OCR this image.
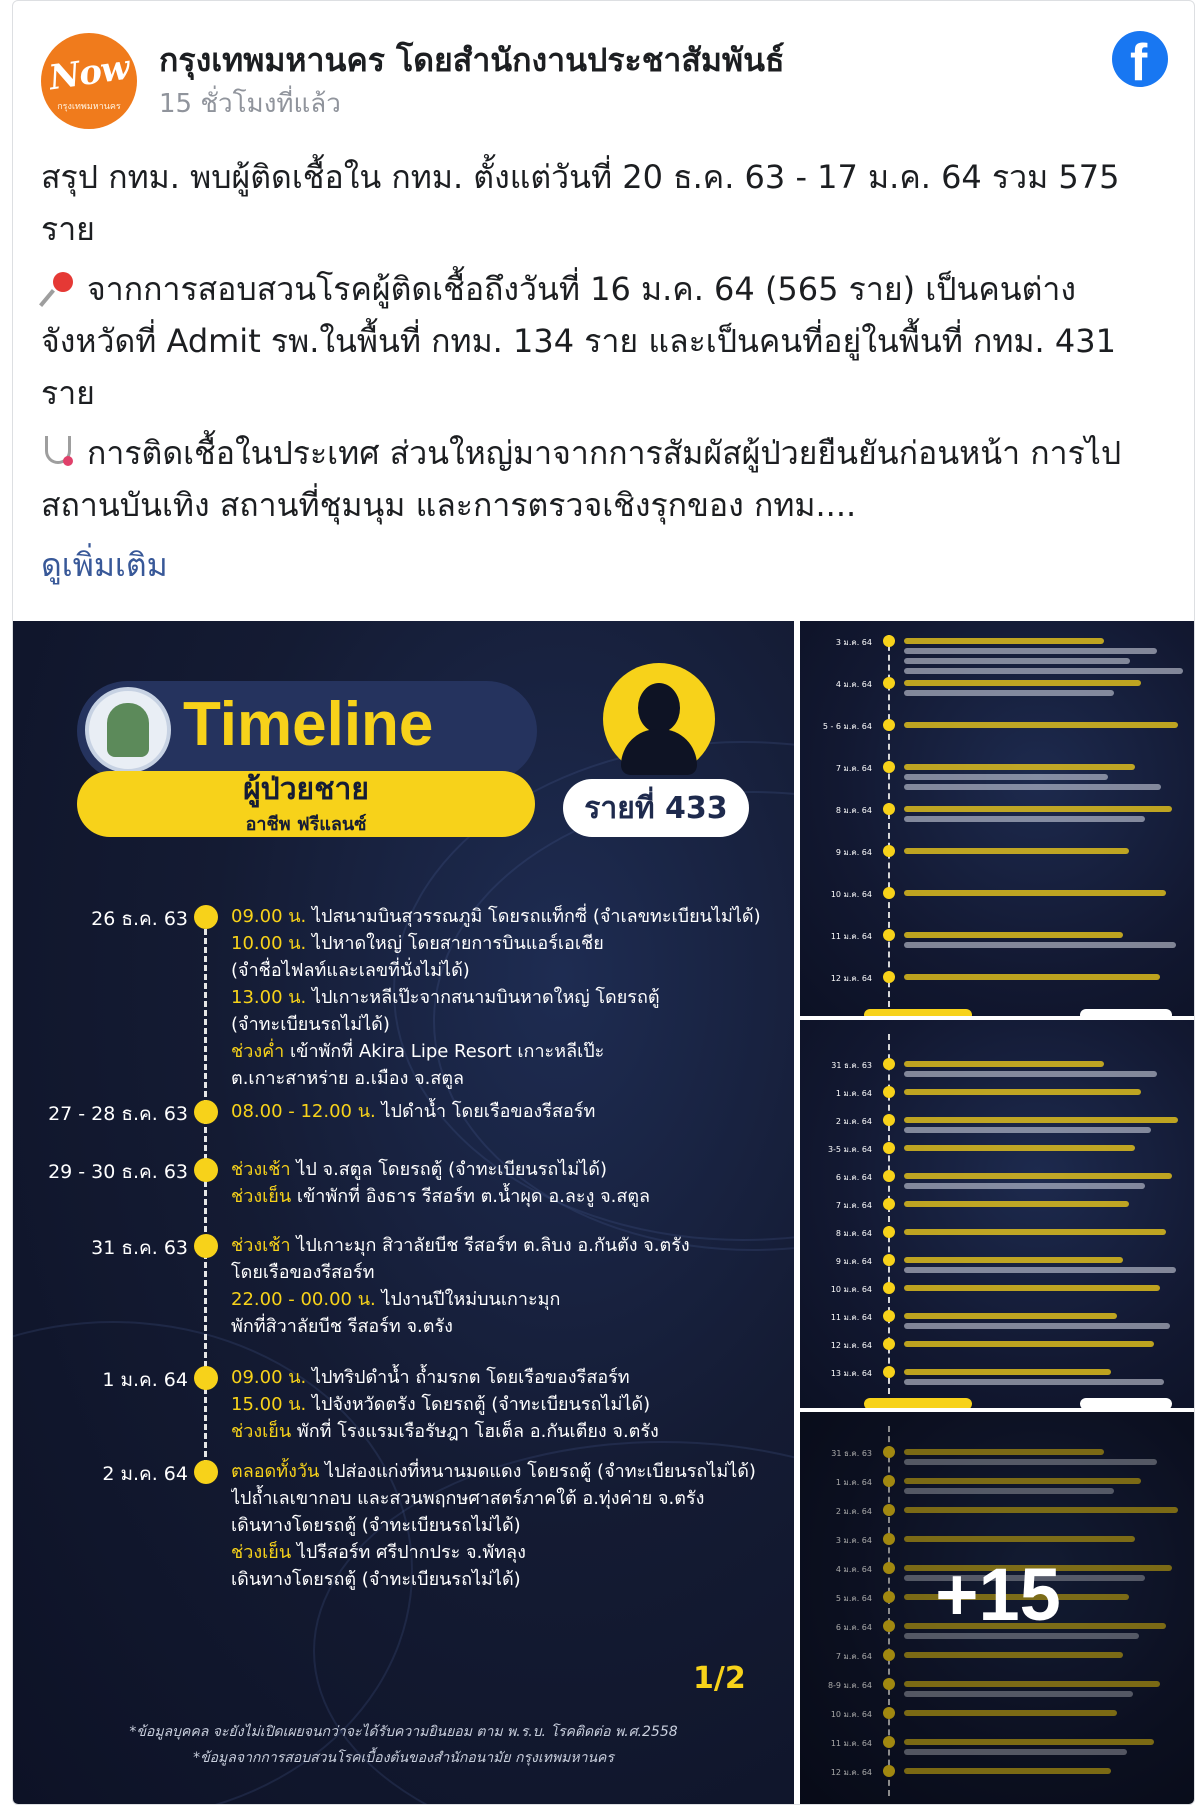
Now
กรุงเทพมหานคร
กรุงเทพมหานคร โดยสำนักงานประชาสัมพันธ์
15 ชั่วโมงที่แล้ว
f
สรุป กทม. พบผู้ติดเชื้อใน กทม. ตั้งแต่วันที่ 20 ธ.ค. 63 - 17 ม.ค. 64 รวม 575 ราย
จากการสอบสวนโรคผู้ติดเชื้อถึงวันที่ 16 ม.ค. 64 (565 ราย) เป็นคนต่างจังหวัดที่ Admit รพ.ในพื้นที่ กทม. 134 ราย และเป็นคนที่อยู่ในพื้นที่ กทม. 431 ราย
การติดเชื้อในประเทศ ส่วนใหญ่มาจากการสัมผัสผู้ป่วยยืนยันก่อนหน้า การไปสถานบันเทิง สถานที่ชุมนุม และการตรวจเชิงรุกของ กทม....
ดูเพิ่มเติม
Timeline
ผู้ป่วยชาย
อาชีพ ฟรีแลนซ์	รายที่ 433
26 ธ.ค. 63 09.00 น. ไปสนามบินสุวรรณภูมิ โดยรถแท็กซี่ (จำเลขทะเบียนไม่ได้)
10.00 น. ไปหาดใหญ่ โดยสายการบินแอร์เอเชีย
(จำชื่อไฟลท์และเลขที่นั่งไม่ได้)
13.00 น. ไปเกาะหลีเป๊ะจากสนามบินหาดใหญ่ โดยรถตู้
(จำทะเบียนรถไม่ได้)
ช่วงค่ำ เข้าพักที่ Akira Lipe Resort เกาะหลีเป๊ะ
ต.เกาะสาหร่าย อ.เมือง จ.สตูล
27 - 28 ธ.ค. 63 08.00 - 12.00 น. ไปดำน้ำ โดยเรือของรีสอร์ท
29 - 30 ธ.ค. 63 ช่วงเช้า ไป จ.สตูล โดยรถตู้ (จำทะเบียนรถไม่ได้)
ช่วงเย็น เข้าพักที่ อิงธาร รีสอร์ท ต.น้ำผุด อ.ละงู จ.สตูล
31 ธ.ค. 63 ช่วงเช้า ไปเกาะมุก สิวาลัยบีช รีสอร์ท ต.ลิบง อ.กันตัง จ.ตรัง
โดยเรือของรีสอร์ท
22.00 - 00.00 น. ไปงานปีใหม่บนเกาะมุก
พักที่สิวาลัยบีช รีสอร์ท จ.ตรัง
1 ม.ค. 64 09.00 น. ไปทริปดำน้ำ ถ้ำมรกต โดยเรือของรีสอร์ท
15.00 น. ไปจังหวัดตรัง โดยรถตู้ (จำทะเบียนรถไม่ได้)
ช่วงเย็น พักที่ โรงแรมเรือรัษฎา โฮเต็ล อ.กันเตียง จ.ตรัง
2 ม.ค. 64 ตลอดทั้งวัน ไปส่องแก่งที่หนานมดแดง โดยรถตู้ (จำทะเบียนรถไม่ได้)
ไปถ้ำเลเขากอบ และสวนพฤกษศาสตร์ภาคใต้ อ.ทุ่งค่าย จ.ตรัง
เดินทางโดยรถตู้ (จำทะเบียนรถไม่ได้)
ช่วงเย็น ไปรีสอร์ท ศรีปากประ จ.พัทลุง
เดินทางโดยรถตู้ (จำทะเบียนรถไม่ได้)
1/2
*ข้อมูลบุคคล จะยังไม่เปิดเผยจนกว่าจะได้รับความยินยอม ตาม พ.ร.บ. โรคติดต่อ พ.ศ.2558
*ข้อมูลจากการสอบสวนโรคเบื้องต้นของสำนักอนามัย กรุงเทพมหานคร
3 ม.ค. 64
4 ม.ค. 64
5 - 6 ม.ค. 64
7 ม.ค. 64
8 ม.ค. 64
9 ม.ค. 64
10 ม.ค. 64
11 ม.ค. 64
12 ม.ค. 64
31 ธ.ค. 63
1 ม.ค. 64
2 ม.ค. 64
3-5 ม.ค. 64
6 ม.ค. 64
7 ม.ค. 64
8 ม.ค. 64
9 ม.ค. 64
10 ม.ค. 64
11 ม.ค. 64
12 ม.ค. 64
13 ม.ค. 64
31 ธ.ค. 63
1 ม.ค. 64
2 ม.ค. 64
3 ม.ค. 64
4 ม.ค. 64
5 ม.ค. 64
6 ม.ค. 64
7 ม.ค. 64
8-9 ม.ค. 64
10 ม.ค. 64
11 ม.ค. 64
12 ม.ค. 64
+15
